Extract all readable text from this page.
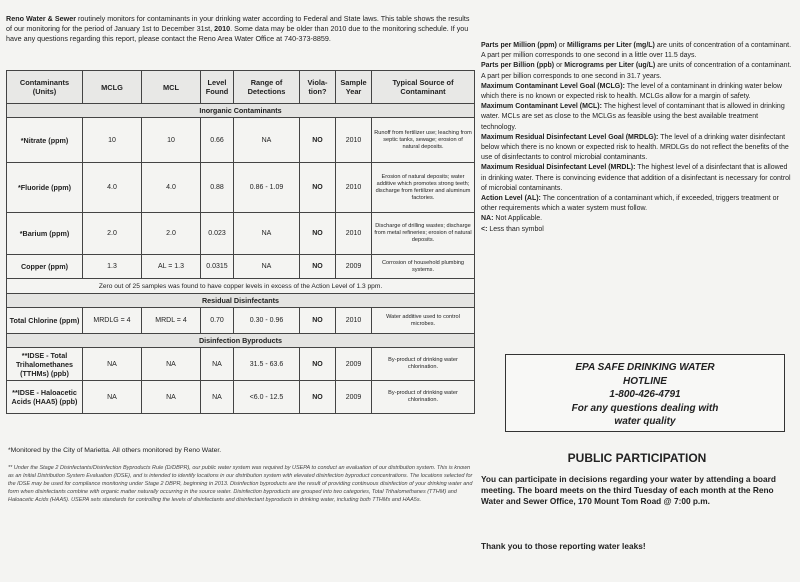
Reno Water & Sewer routinely monitors for contaminants in your drinking water according to Federal and State laws. This table shows the results of our monitoring for the period of January 1st to December 31st, 2010. Some data may be older than 2010 due to the monitoring schedule. If you have any questions regarding this report, please contact the Reno Area Water Office at 740-373-8859.
Contaminants (Units)	MCLG	MCL	Level Found	Range of Detections	Viola-tion?	Sample Year	Typical Source of Contaminant
Inorganic Contaminants							
*Nitrate (ppm)	10	10	0.66	NA	NO	2010	Runoff from fertilizer use; leaching from septic tanks, sewage; erosion of natural deposits.
*Fluoride (ppm)	4.0	4.0	0.88	0.86 - 1.09	NO	2010	Erosion of natural deposits; water additive which promotes strong teeth; discharge from fertilizer and aluminum factories.
*Barium (ppm)	2.0	2.0	0.023	NA	NO	2010	Discharge of drilling wastes; discharge from metal refineries; erosion of natural deposits.
Copper (ppm)	1.3	AL = 1.3	0.0315	NA	NO	2009	Corrosion of household plumbing systems.
Zero out of 25 samples was found to have copper levels in excess of the Action Level of 1.3 ppm.							
Residual Disinfectants							
Total Chlorine (ppm)	MRDLG = 4	MRDL = 4	0.70	0.30 - 0.96	NO	2010	Water additive used to control microbes.
Disinfection Byproducts							
**IDSE - Total Trihalomethanes (TTHMs) (ppb)	NA	NA	NA	31.5 - 63.6	NO	2009	By-product of drinking water chlorination.
**IDSE - Haloacetic Acids (HAA5) (ppb)	NA	NA	NA	<6.0 - 12.5	NO	2009	By-product of drinking water chlorination.
*Monitored by the City of Marietta. All others monitored by Reno Water.
** Under the Stage 2 Disinfectants/Disinfection Byproducts Rule (D/DBPR), our public water system was required by USEPA to conduct an evaluation of our distribution system. This is known as an Initial Distribution System Evaluation (IDSE), and is intended to identify locations in our distribution system with elevated disinfection byproduct concentrations. The locations selected for the IDSE may be used for compliance monitoring under Stage 2 DBPR, beginning in 2013. Disinfection byproducts are the result of providing continuous disinfection of your drinking water and form when disinfectants combine with organic matter naturally occurring in the source water. Disinfection byproducts are grouped into two categories, Total Trihalomethanes (TTHM) and Haloacetic Acids (HAA5). USEPA sets standards for controlling the levels of disinfectants and disinfectant byproducts in drinking water, including both TTHMs and HAA5s.

Parts per Million (ppm) or Milligrams per Liter (mg/L) are units of concentration of a contaminant. A part per million corresponds to one second in a little over 11.5 days.

Parts per Billion (ppb) or Micrograms per Liter (ug/L) are units of concentration of a contaminant. A part per billion corresponds to one second in 31.7 years.

Maximum Contaminant Level Goal (MCLG): The level of a contaminant in drinking water below which there is no known or expected risk to health. MCLGs allow for a margin of safety.

Maximum Contaminant Level (MCL): The highest level of contaminant that is allowed in drinking water. MCLs are set as close to the MCLGs as feasible using the best available treatment technology.

Maximum Residual Disinfectant Level Goal (MRDLG): The level of a drinking water disinfectant below which there is no known or expected risk to health. MRDLGs do not reflect the benefits of the use of disinfectants to control microbial contaminants.

Maximum Residual Disinfectant Level (MRDL): The highest level of a disinfectant that is allowed in drinking water. There is convincing evidence that addition of a disinfectant is necessary for control of microbial contaminants.

Action Level (AL): The concentration of a contaminant which, if exceeded, triggers treatment or other requirements which a water system must follow.

NA: Not Applicable.

<: Less than symbol

EPA SAFE DRINKING WATER
HOTLINE
1-800-426-4791
For any questions dealing with
water quality
PUBLIC PARTICIPATION
You can participate in decisions regarding your water by attending a board meeting. The board meets on the third Tuesday of each month at the Reno Water and Sewer Office, 170 Mount Tom Road @ 7:00 p.m.
Thank you to those reporting water leaks!
